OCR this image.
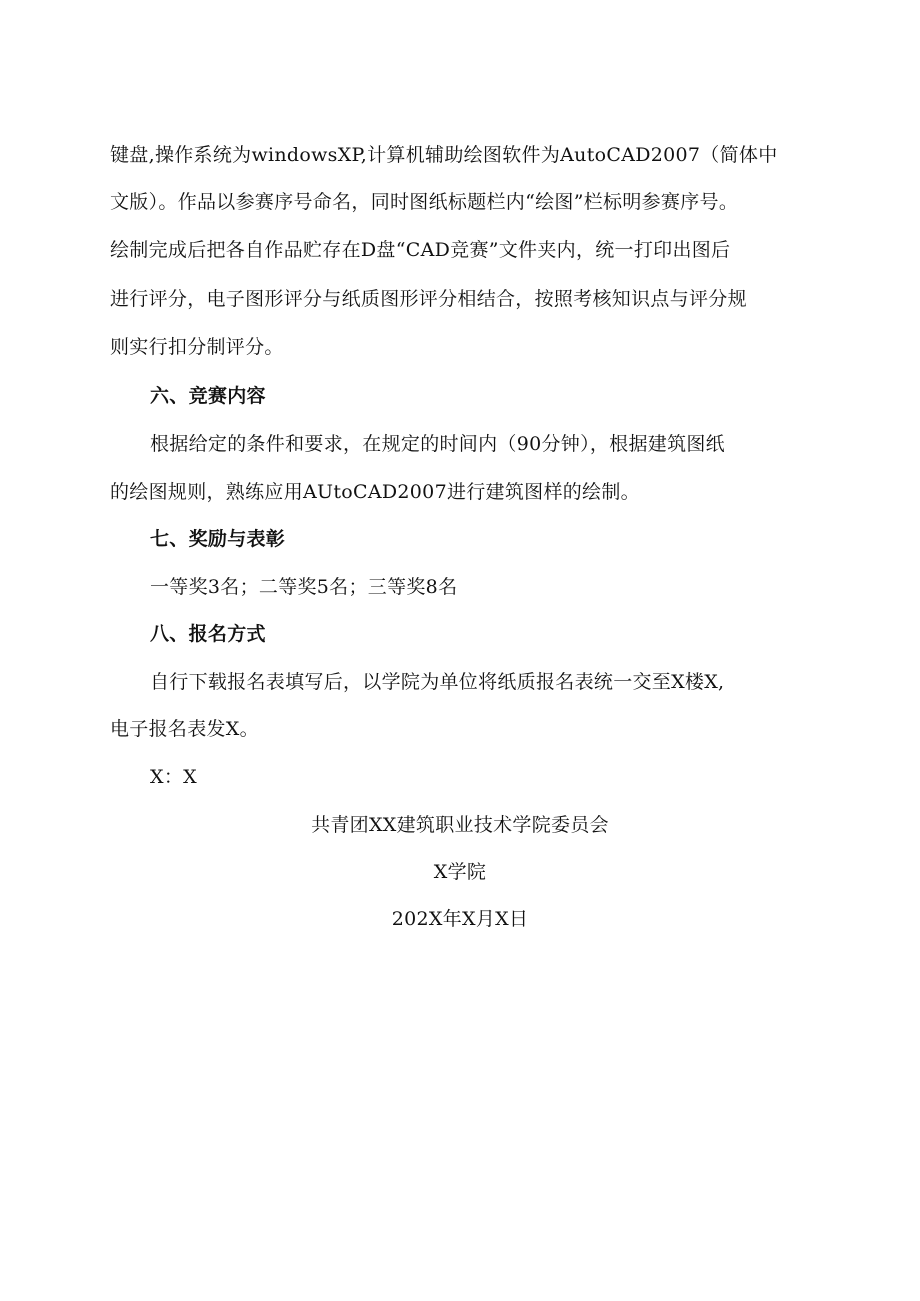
键盘,操作系统为windowsXP,计算机辅助绘图软件为AutoCAD2007（简体中
文版）。作品以参赛序号命名，同时图纸标题栏内“绘图”栏标明参赛序号。
绘制完成后把各自作品贮存在D盘“CAD竞赛”文件夹内，统一打印出图后
进行评分，电子图形评分与纸质图形评分相结合，按照考核知识点与评分规
则实行扣分制评分。
六、竞赛内容
根据给定的条件和要求，在规定的时间内（90分钟），根据建筑图纸
的绘图规则，熟练应用AUtoCAD2007进行建筑图样的绘制。
七、奖励与表彰
一等奖3名；二等奖5名；三等奖8名
八、报名方式
自行下载报名表填写后，以学院为单位将纸质报名表统一交至X楼X,
电子报名表发X。
X：X
共青团XX建筑职业技术学院委员会
X学院
202X年X月X日
